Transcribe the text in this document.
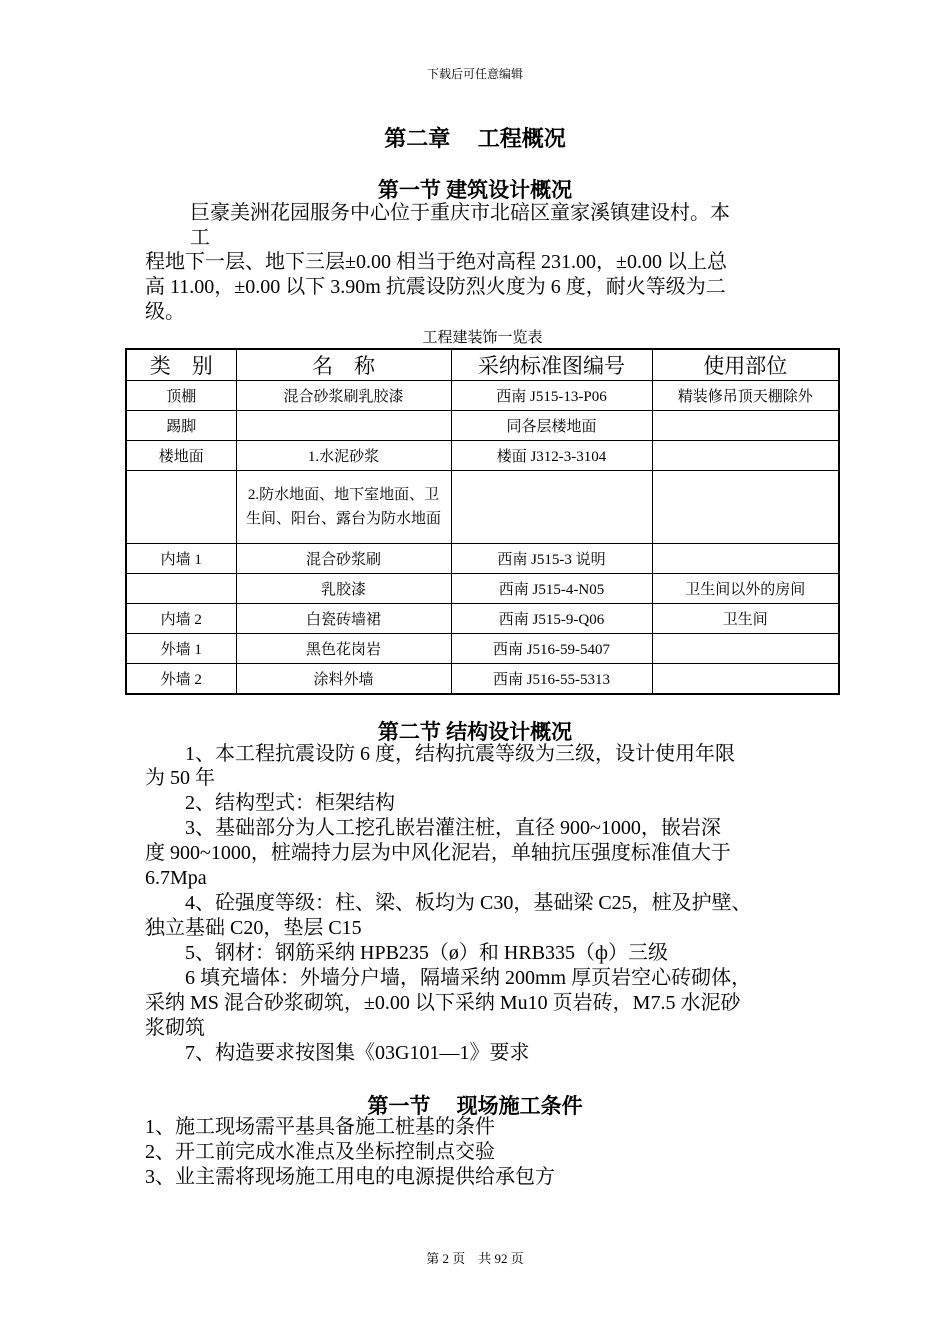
下载后可任意编辑
第二章　 工程概况
第一节 建筑设计概况
巨豪美洲花园服务中心位于重庆市北碚区童家溪镇建设村。本
工
程地下一层、地下三层±0.00 相当于绝对高程 231.00，±0.00 以上总
高 11.00，±0.00 以下 3.90m 抗震设防烈火度为 6 度，耐火等级为二
级。
工程建装饰一览表
类　别	名　称	采纳标准图编号	使用部位
顶棚	混合砂浆刷乳胶漆	西南 J515-13-P06	精装修吊顶天棚除外
踢脚		同各层楼地面	
楼地面	1.水泥砂浆	楼面 J312-3-3104	
	2.防水地面、地下室地面、卫生间、阳台、露台为防水地面		
内墙 1	混合砂浆刷	西南 J515-3 说明	
	乳胶漆	西南 J515-4-N05	卫生间以外的房间
内墙 2	白瓷砖墙裙	西南 J515-9-Q06	卫生间
外墙 1	黑色花岗岩	西南 J516-59-5407	
外墙 2	涂料外墙	西南 J516-55-5313	
第二节 结构设计概况
　　1、本工程抗震设防 6 度，结构抗震等级为三级，设计使用年限
为 50 年
　　2、结构型式：柜架结构
　　3、基础部分为人工挖孔嵌岩灌注桩，直径 900~1000，嵌岩深
度 900~1000，桩端持力层为中风化泥岩，单轴抗压强度标准值大于
6.7Mpa
　　4、砼强度等级：柱、梁、板均为 C30，基础梁 C25，桩及护壁、
独立基础 C20，垫层 C15
　　5、钢材：钢筋采纳 HPB235（ø）和 HRB335（ф）三级
　　6 填充墙体：外墙分户墙，隔墙采纳 200mm 厚页岩空心砖砌体，
采纳 MS 混合砂浆砌筑，±0.00 以下采纳 Mu10 页岩砖，M7.5 水泥砂
浆砌筑
　　7、构造要求按图集《03G101—1》要求
第一节　 现场施工条件
1、施工现场需平基具备施工桩基的条件
2、开工前完成水准点及坐标控制点交验
3、业主需将现场施工用电的电源提供给承包方
第 2 页　共 92 页
